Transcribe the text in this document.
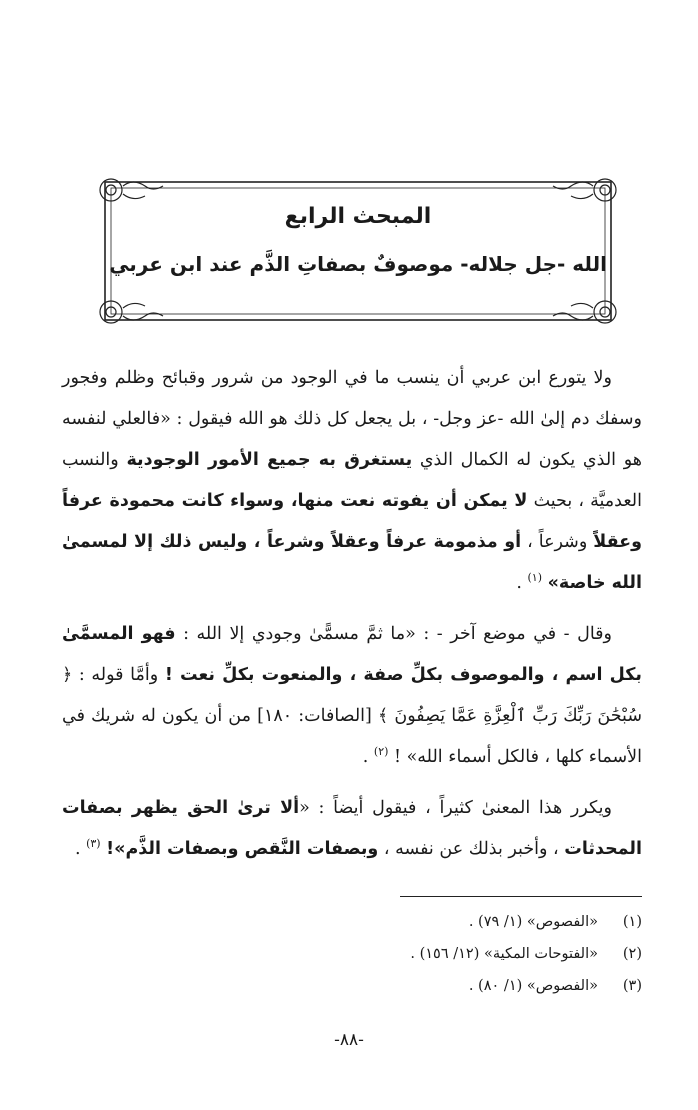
المبحث الرابع
الله -جل جلاله- موصوفٌ بصفاتِ الذَّم عند ابن عربي

ولا يتورع ابن عربي أن ينسب ما في الوجود من شرور وقبائح وظلم وفجور وسفك دم إلىٰ الله -عز وجل- ، بل يجعل كل ذلك هو الله فيقول : «فالعلي لنفسه هو الذي يكون له الكمال الذي يستغرق به جميع الأمور الوجودية والنسب العدميَّة ، بحيث لا يمكن أن يفوته نعت منها، وسواء كانت محمودة عرفاً وعقلاً وشرعاً ، أو مذمومة عرفاً وعقلاً وشرعاً ، وليس ذلك إلا لمسمىٰ الله خاصة» $^{(١)}$ .

وقال - في موضع آخر - : «ما ثمَّ مسمًّىٰ وجودي إلا الله : فهو المسمَّىٰ بكل اسم ، والموصوف بكلِّ صفة ، والمنعوت بكلِّ نعت ! وأمَّا قوله : ﴿ سُبْحَٰنَ رَبِّكَ رَبِّ ٱلْعِزَّةِ عَمَّا يَصِفُونَ ﴾ [الصافات: ١٨٠] من أن يكون له شريك في الأسماء كلها ، فالكل أسماء الله» ! $^{(٢)}$ .

ويكرر هذا المعنىٰ كثيراً ، فيقول أيضاً : «ألا ترىٰ الحق يظهر بصفات المحدثات ، وأخبر بذلك عن نفسه ، وبصفات النَّقص وبصفات الذَّم»! $^{(٣)}$ .

(١)
«الفصوص» (١/ ٧٩) .
(٢)
«الفتوحات المكية» (١٢/ ١٥٦) .
(٣)
«الفصوص» (١/ ٨٠) .
-٨٨-
